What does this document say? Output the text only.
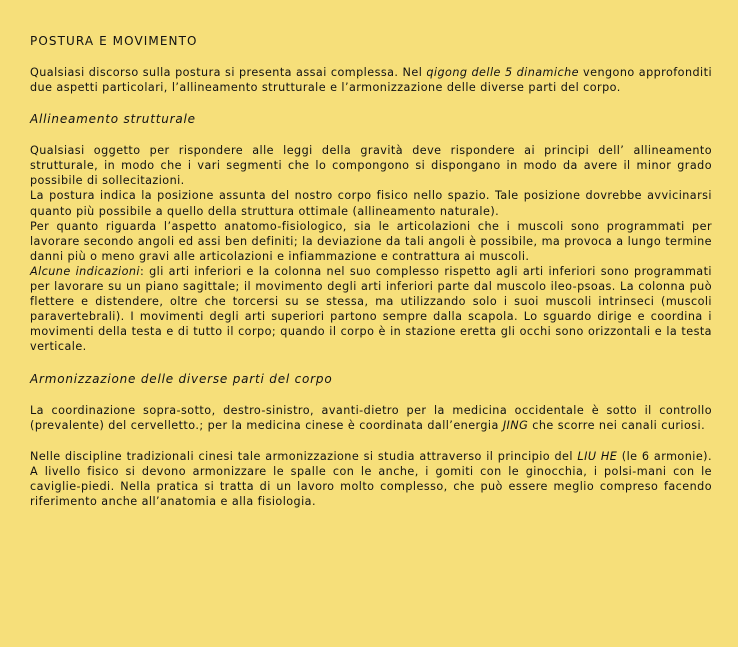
POSTURA E MOVIMENTO

Qualsiasi discorso sulla postura si presenta assai complessa. Nel qigong delle 5 dinamiche vengono approfonditi due aspetti particolari, l’allineamento strutturale e l’armonizzazione delle diverse parti del corpo.

Allineamento strutturale

Qualsiasi oggetto per rispondere alle leggi della gravità deve rispondere ai principi dell’ allineamento strutturale, in modo che i vari segmenti che lo compongono si dispongano in modo da avere il minor grado possibile di sollecitazioni.

La postura indica la posizione assunta del nostro corpo fisico nello spazio. Tale posizione dovrebbe avvicinarsi quanto più possibile a quello della struttura ottimale (allineamento naturale).

Per quanto riguarda l’aspetto anatomo-fisiologico, sia le articolazioni che i muscoli sono programmati per lavorare secondo angoli ed assi ben definiti; la deviazione da tali angoli è possibile, ma provoca a lungo termine danni più o meno gravi alle articolazioni e infiammazione e contrattura ai muscoli.

Alcune indicazioni: gli arti inferiori e la colonna nel suo complesso rispetto agli arti inferiori sono programmati per lavorare su un piano sagittale; il movimento degli arti inferiori parte dal muscolo ileo-psoas. La colonna può flettere e distendere, oltre che torcersi su se stessa, ma utilizzando solo i suoi muscoli intrinseci (muscoli paravertebrali). I movimenti degli arti superiori partono sempre dalla scapola. Lo sguardo dirige e coordina i movimenti della testa e di tutto il corpo; quando il corpo è in stazione eretta gli occhi sono orizzontali e la testa verticale.

Armonizzazione delle diverse parti del corpo

La coordinazione sopra-sotto, destro-sinistro, avanti-dietro per la medicina occidentale è sotto il controllo (prevalente) del cervelletto.; per la medicina cinese è coordinata dall’energia JING che scorre nei canali curiosi.

Nelle discipline tradizionali cinesi tale armonizzazione si studia attraverso il principio del LIU HE (le 6 armonie). A livello fisico si devono armonizzare le spalle con le anche, i gomiti con le ginocchia, i polsi-mani con le caviglie-piedi. Nella pratica si tratta di un lavoro molto complesso, che può essere meglio compreso facendo riferimento anche all’anatomia e alla fisiologia.
